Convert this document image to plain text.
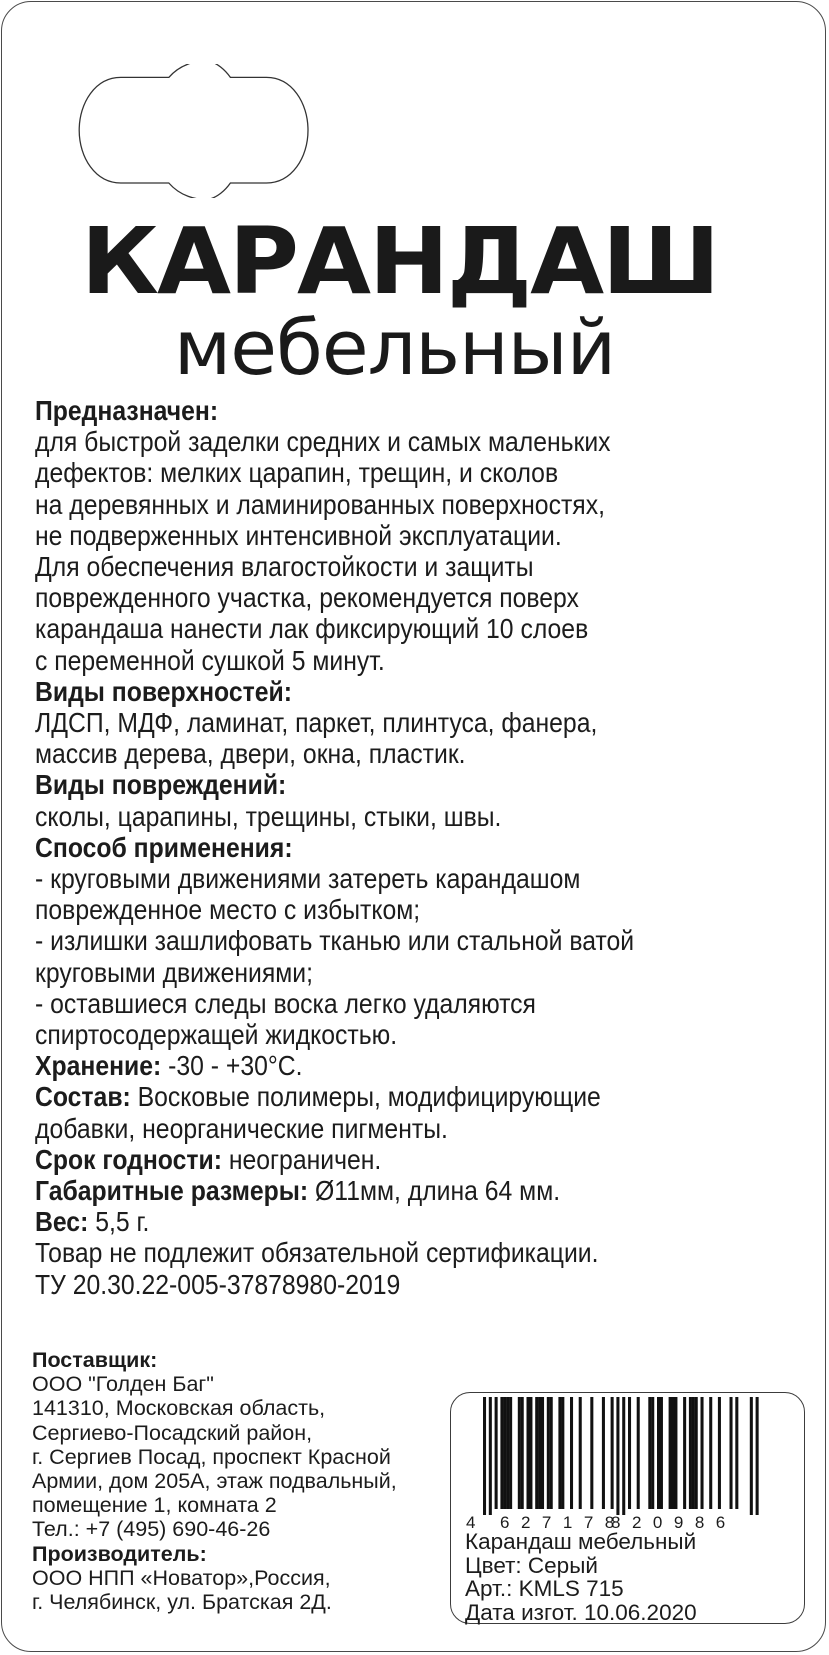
КАРАНДАШ
мебельный
Предназначен:
для быстрой заделки средних и самых маленьких
дефектов: мелких царапин, трещин, и сколов
на деревянных и ламинированных поверхностях,
не подверженных интенсивной эксплуатации.
Для обеспечения влагостойкости и защиты
поврежденного участка, рекомендуется поверх
карандаша нанести лак фиксирующий 10 слоев
с переменной сушкой 5 минут.
Виды поверхностей:
ЛДСП, МДФ, ламинат, паркет, плинтуса, фанера,
массив дерева, двери, окна, пластик.
Виды повреждений:
сколы, царапины, трещины, стыки, швы.
Способ применения:
- круговыми движениями затереть карандашом
поврежденное место с избытком;
- излишки зашлифовать тканью или стальной ватой
круговыми движениями;
- оставшиеся следы воска легко удаляются
спиртосодержащей жидкостью.
Хранение: -30 - +30°C.
Состав: Восковые полимеры, модифицирующие
добавки, неорганические пигменты.
Срок годности: неограничен.
Габаритные размеры: Ø11мм, длина 64 мм.
Вес: 5,5 г.
Товар не подлежит обязательной сертификации.
ТУ 20.30.22-005-37878980-2019
Поставщик:
ООО "Голден Баг"
141310, Московская область,
Сергиево-Посадский район,
г. Сергиев Посад, проспект Красной
Армии, дом 205А, этаж подвальный,
помещение 1, комната 2
Тел.: +7 (495) 690-46-26
Производитель:
ООО НПП «Новатор»,Россия,
г. Челябинск, ул. Братская 2Д.
4 627178
820986
Карандаш мебельный
Цвет: Серый
Арт.: KMLS 715
Дата изгот. 10.06.2020
